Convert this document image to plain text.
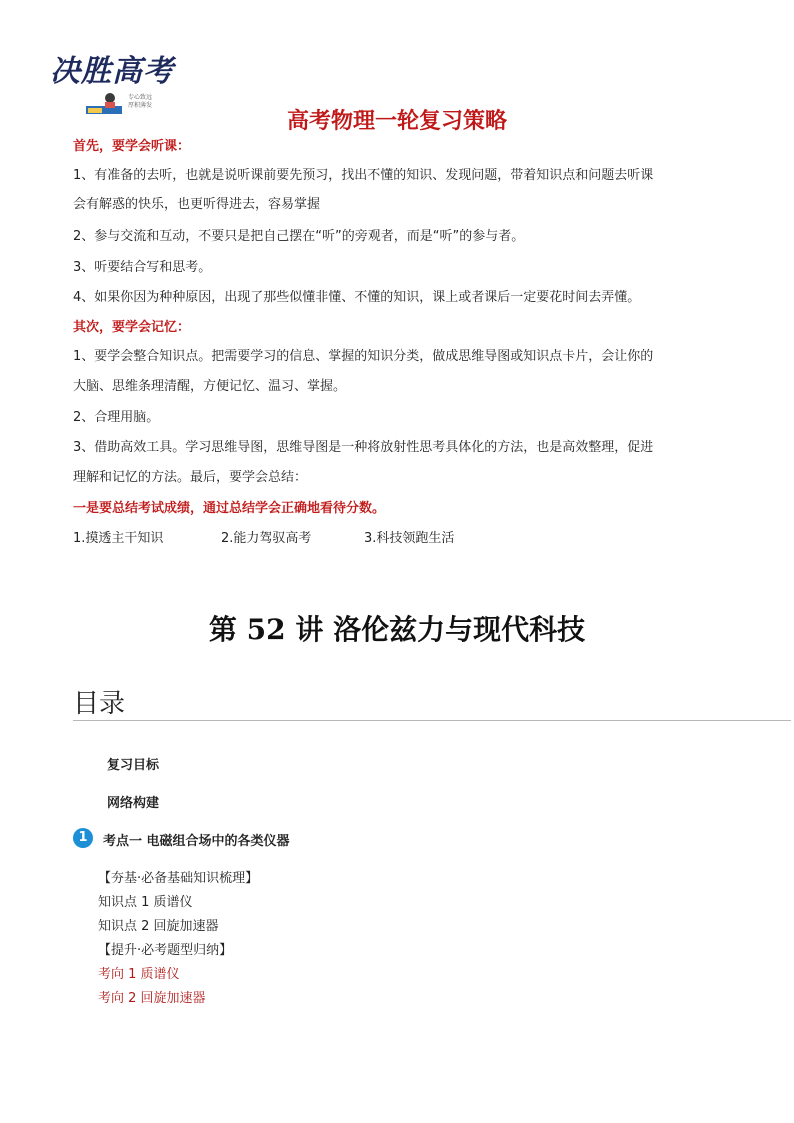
决胜高考
专心致远
厚积薄发
高考物理一轮复习策略
首先，要学会听课：
1、有准备的去听，也就是说听课前要先预习，找出不懂的知识、发现问题，带着知识点和问题去听课
会有解惑的快乐，也更听得进去，容易掌握
2、参与交流和互动，不要只是把自己摆在“听”的旁观者，而是“听”的参与者。
3、听要结合写和思考。
4、如果你因为种种原因，出现了那些似懂非懂、不懂的知识，课上或者课后一定要花时间去弄懂。
其次，要学会记忆：
1、要学会整合知识点。把需要学习的信息、掌握的知识分类，做成思维导图或知识点卡片，会让你的
大脑、思维条理清醒，方便记忆、温习、掌握。
2、合理用脑。
3、借助高效工具。学习思维导图，思维导图是一种将放射性思考具体化的方法，也是高效整理，促进
理解和记忆的方法。最后，要学会总结：
一是要总结考试成绩，通过总结学会正确地看待分数。
1.摸透主干知识	2.能力驾驭高考	3.科技领跑生活
第 52 讲 洛伦兹力与现代科技
目录
复习目标
网络构建
1	考点一 电磁组合场中的各类仪器
【夯基·必备基础知识梳理】
知识点 1 质谱仪
知识点 2 回旋加速器
【提升·必考题型归纳】
考向 1 质谱仪
考向 2 回旋加速器
